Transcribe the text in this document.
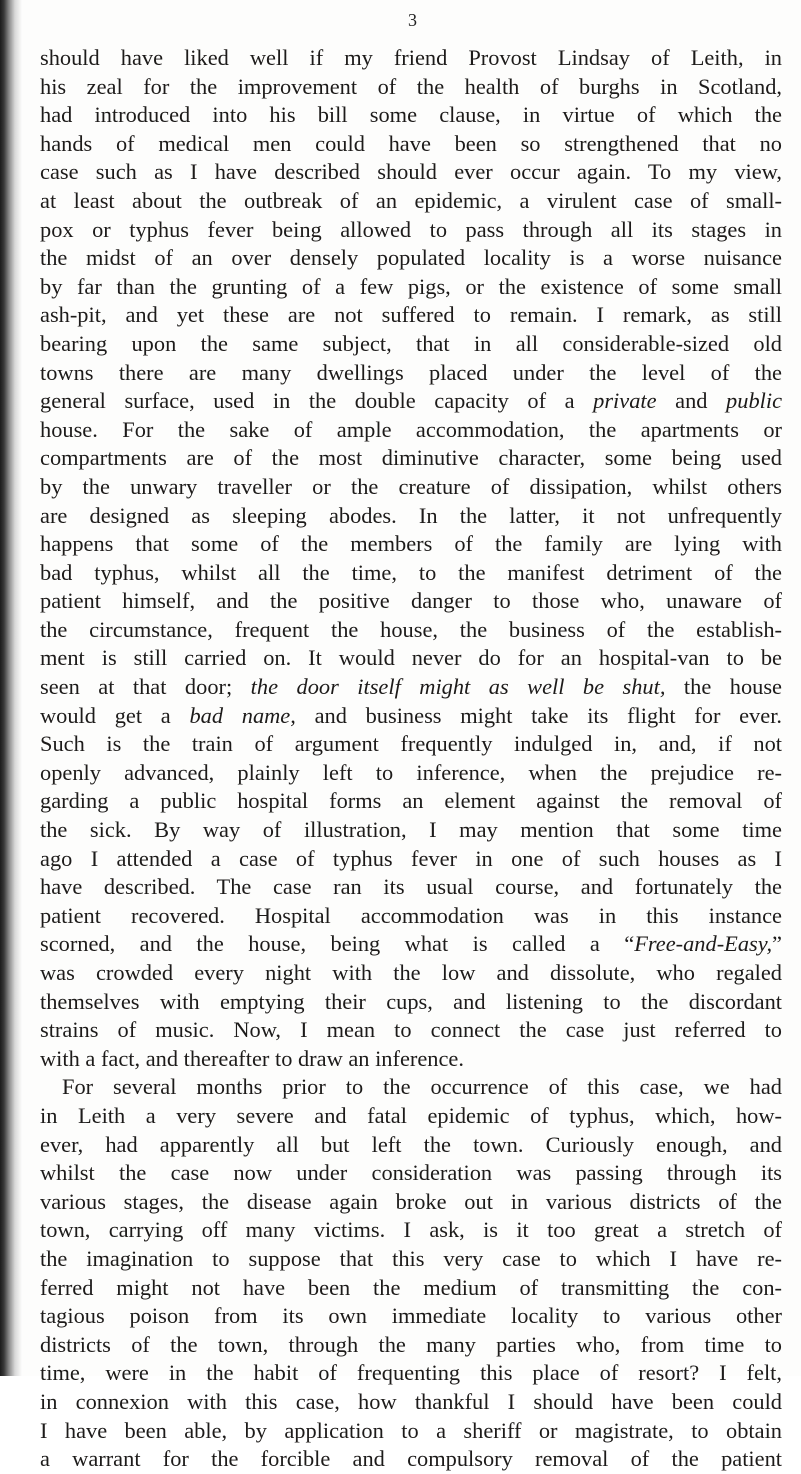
3
should have liked well if my friend Provost Lindsay of Leith, in
his zeal for the improvement of the health of burghs in Scotland,
had introduced into his bill some clause, in virtue of which the
hands of medical men could have been so strengthened that no
case such as I have described should ever occur again. To my view,
at least about the outbreak of an epidemic, a virulent case of small-
pox or typhus fever being allowed to pass through all its stages in
the midst of an over densely populated locality is a worse nuisance
by far than the grunting of a few pigs, or the existence of some small
ash-pit, and yet these are not suffered to remain. I remark, as still
bearing upon the same subject, that in all considerable-sized old
towns there are many dwellings placed under the level of the
general surface, used in the double capacity of a private and public
house. For the sake of ample accommodation, the apartments or
compartments are of the most diminutive character, some being used
by the unwary traveller or the creature of dissipation, whilst others
are designed as sleeping abodes. In the latter, it not unfrequently
happens that some of the members of the family are lying with
bad typhus, whilst all the time, to the manifest detriment of the
patient himself, and the positive danger to those who, unaware of
the circumstance, frequent the house, the business of the establish-
ment is still carried on. It would never do for an hospital-van to be
seen at that door; the door itself might as well be shut, the house
would get a bad name, and business might take its flight for ever.
Such is the train of argument frequently indulged in, and, if not
openly advanced, plainly left to inference, when the prejudice re-
garding a public hospital forms an element against the removal of
the sick. By way of illustration, I may mention that some time
ago I attended a case of typhus fever in one of such houses as I
have described. The case ran its usual course, and fortunately the
patient recovered. Hospital accommodation was in this instance
scorned, and the house, being what is called a “Free-and-Easy,”
was crowded every night with the low and dissolute, who regaled
themselves with emptying their cups, and listening to the discordant
strains of music. Now, I mean to connect the case just referred to
with a fact, and thereafter to draw an inference.
For several months prior to the occurrence of this case, we had
in Leith a very severe and fatal epidemic of typhus, which, how-
ever, had apparently all but left the town. Curiously enough, and
whilst the case now under consideration was passing through its
various stages, the disease again broke out in various districts of the
town, carrying off many victims. I ask, is it too great a stretch of
the imagination to suppose that this very case to which I have re-
ferred might not have been the medium of transmitting the con-
tagious poison from its own immediate locality to various other
districts of the town, through the many parties who, from time to
time, were in the habit of frequenting this place of resort? I felt,
in connexion with this case, how thankful I should have been could
I have been able, by application to a sheriff or magistrate, to obtain
a warrant for the forcible and compulsory removal of the patient
